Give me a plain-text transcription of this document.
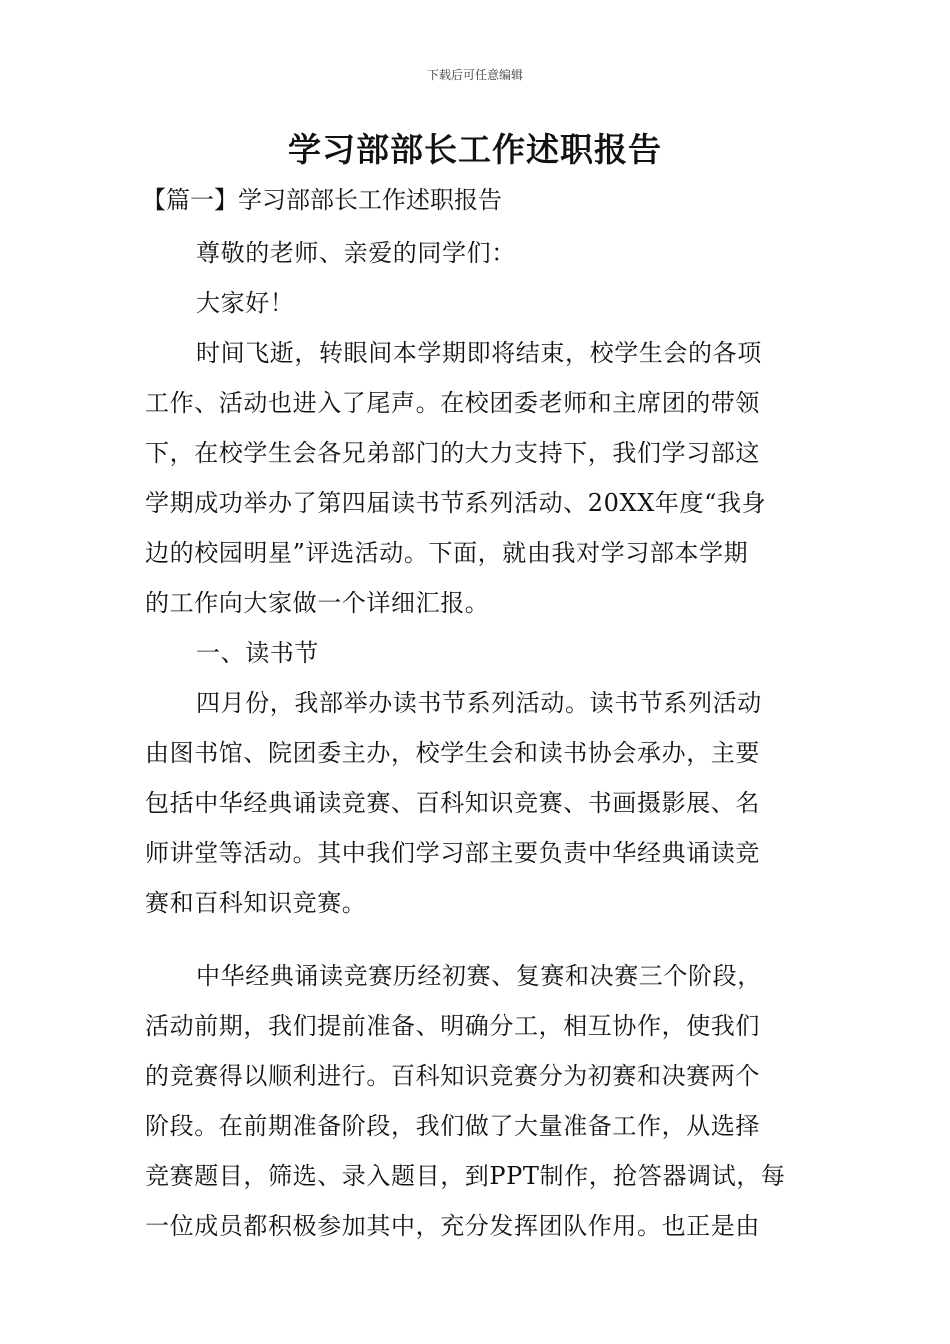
下载后可任意编辑
学习部部长工作述职报告
【篇一】学习部部长工作述职报告
尊敬的老师、亲爱的同学们：
大家好！
时间飞逝，转眼间本学期即将结束，校学生会的各项
工作、活动也进入了尾声。在校团委老师和主席团的带领
下，在校学生会各兄弟部门的大力支持下，我们学习部这
学期成功举办了第四届读书节系列活动、20XX年度“我身
边的校园明星”评选活动。下面，就由我对学习部本学期
的工作向大家做一个详细汇报。
一、读书节
四月份，我部举办读书节系列活动。读书节系列活动
由图书馆、院团委主办，校学生会和读书协会承办，主要
包括中华经典诵读竞赛、百科知识竞赛、书画摄影展、名
师讲堂等活动。其中我们学习部主要负责中华经典诵读竞
赛和百科知识竞赛。
中华经典诵读竞赛历经初赛、复赛和决赛三个阶段，
活动前期，我们提前准备、明确分工，相互协作，使我们
的竞赛得以顺利进行。百科知识竞赛分为初赛和决赛两个
阶段。在前期准备阶段，我们做了大量准备工作，从选择
竞赛题目，筛选、录入题目，到PPT制作，抢答器调试，每
一位成员都积极参加其中，充分发挥团队作用。也正是由
